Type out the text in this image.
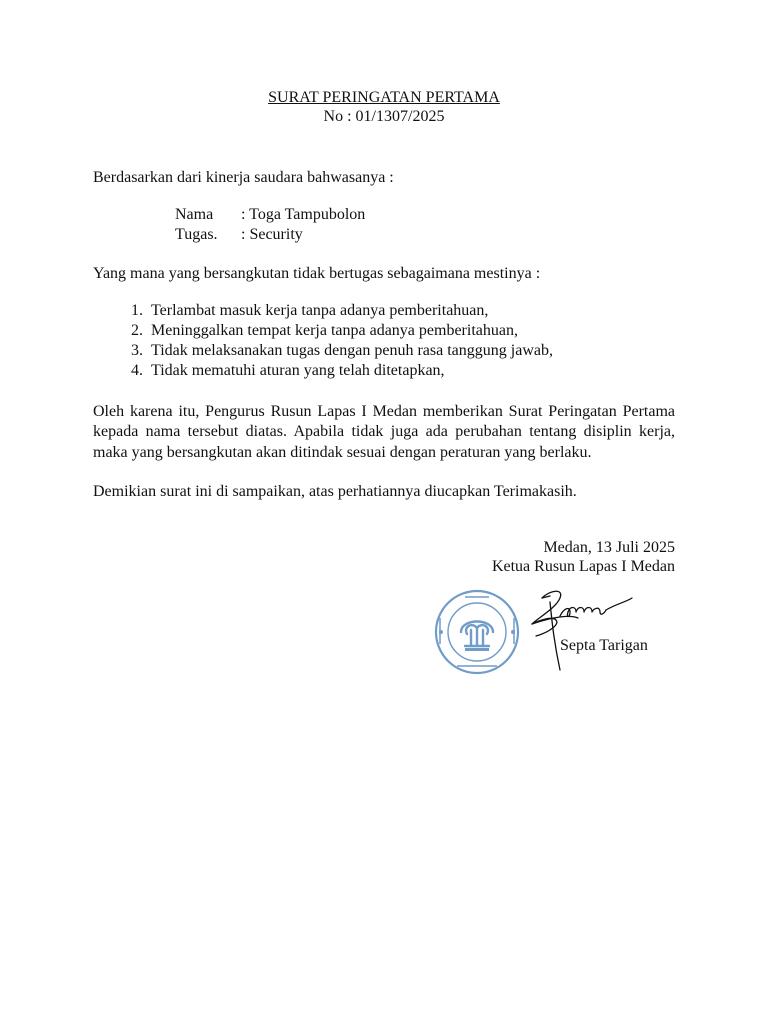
SURAT PERINGATAN PERTAMA
No : 01/1307/2025
Berdasarkan dari kinerja saudara bahwasanya :
Nama	: Toga Tampubolon
Tugas.	: Security
Yang mana yang bersangkutan tidak bertugas sebagaimana mestinya :
1. Terlambat masuk kerja tanpa adanya pemberitahuan,
2. Meninggalkan tempat kerja tanpa adanya pemberitahuan,
3. Tidak melaksanakan tugas dengan penuh rasa tanggung jawab,
4. Tidak mematuhi aturan yang telah ditetapkan,
Oleh karena itu, Pengurus Rusun Lapas I Medan memberikan Surat Peringatan Pertama kepada nama tersebut diatas. Apabila tidak juga ada perubahan tentang disiplin kerja, maka yang bersangkutan akan ditindak sesuai dengan peraturan yang berlaku.
Demikian surat ini di sampaikan, atas perhatiannya diucapkan Terimakasih.
Medan, 13 Juli 2025
Ketua Rusun Lapas I Medan
Septa Tarigan
